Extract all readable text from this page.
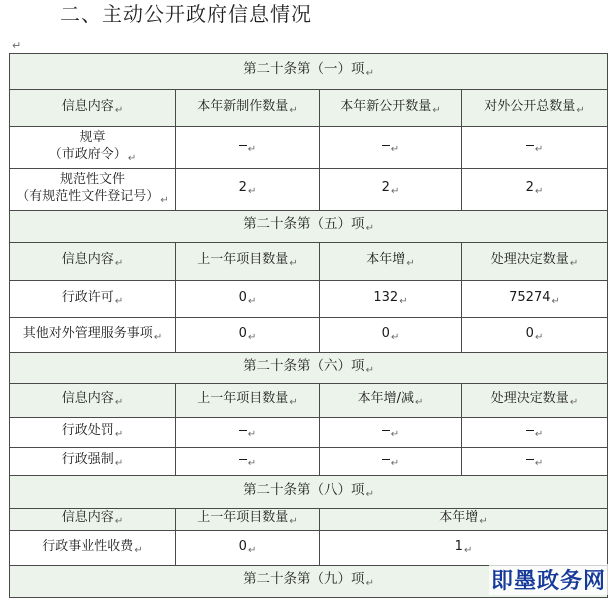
二、主动公开政府信息情况
↵
第二十条第（一）项$_↵$
信息内容$_↵$	本年新制作数量$_↵$	本年新公开数量$_↵$	对外公开总数量$_↵$
规章
（市政府令）$_↵$	$_↵$	$_↵$	$_↵$
规范性文件
（有规范性文件登记号）$_↵$	$2_↵$	$2_↵$	$2_↵$
第二十条第（五）项$_↵$
信息内容$_↵$	上一年项目数量$_↵$	本年增$_↵$	处理决定数量$_↵$
行政许可$_↵$	$0_↵$	$132_↵$	$75274_↵$
其他对外管理服务事项$_↵$	$0_↵$	$0_↵$	$0_↵$
第二十条第（六）项$_↵$
信息内容$_↵$	上一年项目数量$_↵$	本年增/减$_↵$	处理决定数量$_↵$
行政处罚$_↵$	$_↵$	$_↵$	$_↵$
行政强制$_↵$	$_↵$	$_↵$	$_↵$
第二十条第（八）项$_↵$
信息内容$_↵$	上一年项目数量$_↵$	本年增$_↵$
行政事业性收费$_↵$	$0_↵$	$1_↵$
第二十条第（九）项$_↵$	即墨政务网
